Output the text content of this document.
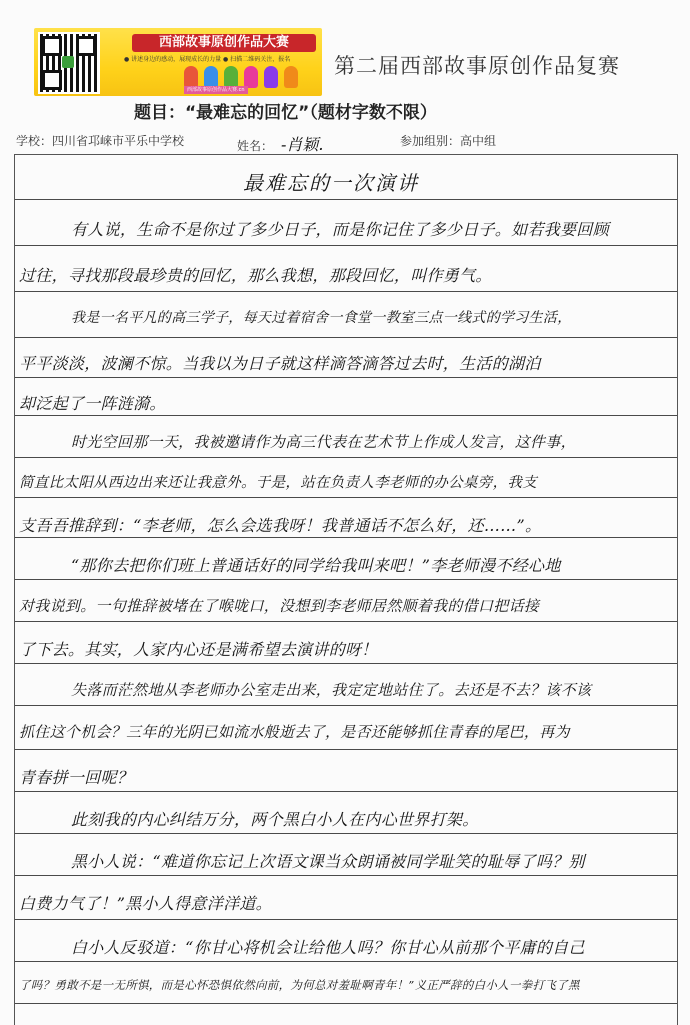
西部故事原创作品大赛
● 讲述身边的感动，展现成长的力量 ● 扫描二维码关注，报名
西部故事原创作品大赛.cn
第二届西部故事原创作品复赛
题目：“最难忘的回忆”（题材字数不限）
学校：四川省邛崃市平乐中学校	姓名： -肖颖.	参加组别：高中组
最难忘的一次演讲
有人说，生命不是你过了多少日子，而是你记住了多少日子。如若我要回顾
过往，寻找那段最珍贵的回忆，那么我想，那段回忆，叫作勇气。
我是一名平凡的高三学子，每天过着宿舍一食堂一教室三点一线式的学习生活，
平平淡淡，波澜不惊。当我以为日子就这样滴答滴答过去时，生活的湖泊
却泛起了一阵涟漪。
时光空回那一天，我被邀请作为高三代表在艺术节上作成人发言，这件事，
简直比太阳从西边出来还让我意外。于是，站在负责人李老师的办公桌旁，我支
支吾吾推辞到：“李老师，怎么会选我呀！我普通话不怎么好，还……”。
“那你去把你们班上普通话好的同学给我叫来吧！”李老师漫不经心地
对我说到。一句推辞被堵在了喉咙口，没想到李老师居然顺着我的借口把话接
了下去。其实，人家内心还是满希望去演讲的呀！
失落而茫然地从李老师办公室走出来，我定定地站住了。去还是不去？该不该
抓住这个机会？三年的光阴已如流水般逝去了，是否还能够抓住青春的尾巴，再为
青春拼一回呢？
此刻我的内心纠结万分，两个黑白小人在内心世界打架。
黑小人说：“难道你忘记上次语文课当众朗诵被同学耻笑的耻辱了吗？别
白费力气了！”黑小人得意洋洋道。
白小人反驳道：“你甘心将机会让给他人吗？你甘心从前那个平庸的自己
了吗？勇敢不是一无所惧，而是心怀恐惧依然向前，为何总对羞耻啊青年！”义正严辞的白小人一拳打飞了黑
